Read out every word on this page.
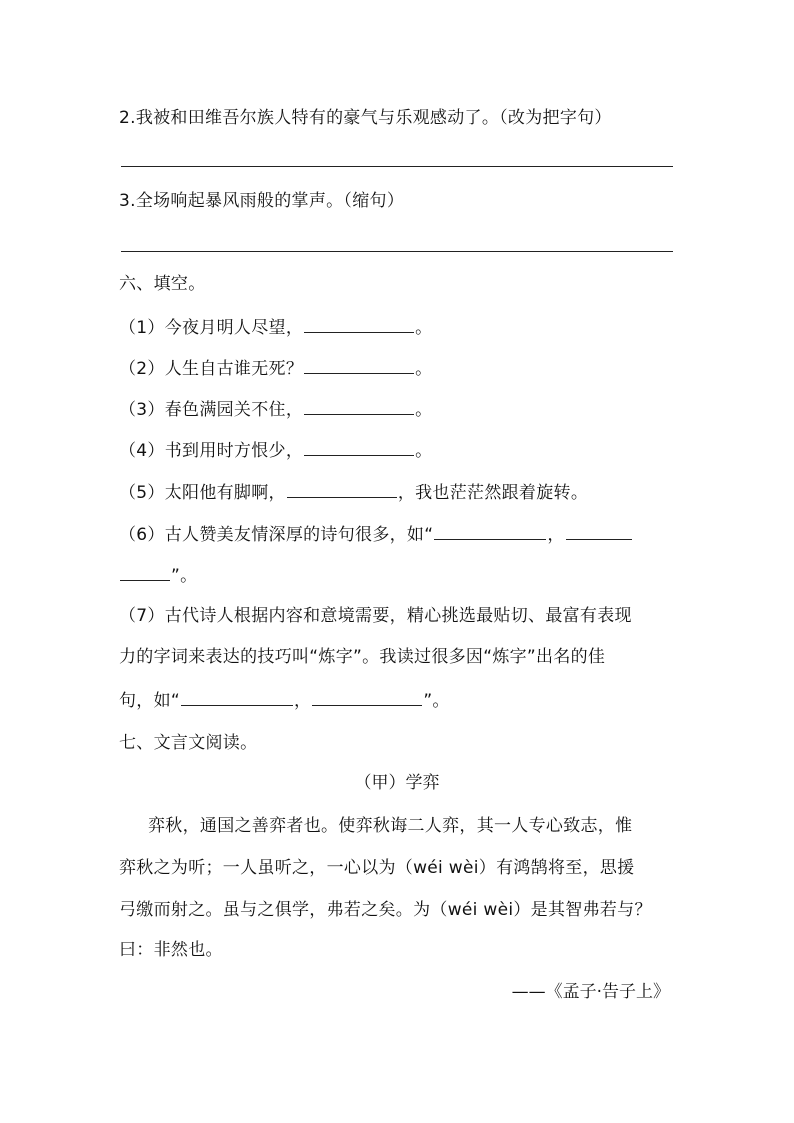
2.我被和田维吾尔族人特有的豪气与乐观感动了。（改为把字句）
3.全场响起暴风雨般的掌声。（缩句）
六、填空。
（1）今夜月明人尽望，	。
（2）人生自古谁无死？	。
（3）春色满园关不住，	。
（4）书到用时方恨少，	。
（5）太阳他有脚啊，	，我也茫茫然跟着旋转。
（6）古人赞美友情深厚的诗句很多，如“	，
”。
（7）古代诗人根据内容和意境需要，精心挑选最贴切、最富有表现
力的字词来表达的技巧叫“炼字”。我读过很多因“炼字”出名的佳
句，如“	，	”。
七、文言文阅读。
（甲）学弈
弈秋，通国之善弈者也。使弈秋诲二人弈，其一人专心致志，惟
弈秋之为听；一人虽听之，一心以为（wéi wèi）有鸿鹄将至，思援
弓缴而射之。虽与之俱学，弗若之矣。为（wéi wèi）是其智弗若与？
曰：非然也。
——《孟子·告子上》
